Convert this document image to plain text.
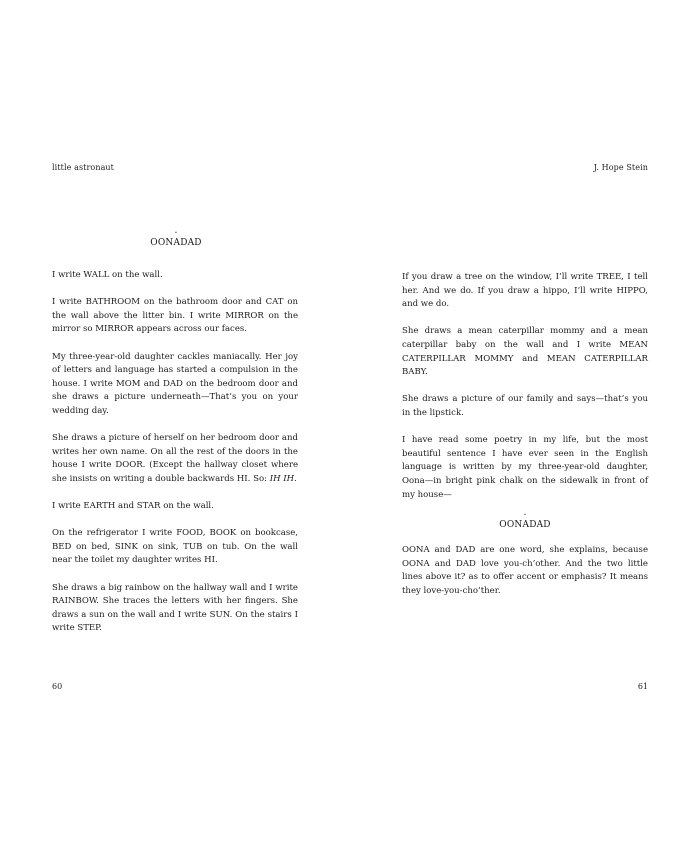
little astronaut	J. Hope Stein
˝
OONADAD

I write WALL on the wall.

I write BATHROOM on the bathroom door and CAT on the wall above the litter bin. I write MIRROR on the mirror so MIRROR appears across our faces.

My three-year-old daughter cackles maniacally. Her joy of letters and language has started a compulsion in the house. I write MOM and DAD on the bedroom door and she draws a picture underneath—That’s you on your wedding day.

She draws a picture of herself on her bedroom door and writes her own name. On all the rest of the doors in the house I write DOOR. (Except the hallway closet where she insists on writing a double backwards HI. So: IH IH.

I write EARTH and STAR on the wall.

On the refrigerator I write FOOD, BOOK on bookcase, BED on bed, SINK on sink, TUB on tub. On the wall near the toilet my daughter writes HI.

She draws a big rainbow on the hallway wall and I write RAINBOW. She traces the letters with her fingers. She draws a sun on the wall and I write SUN. On the stairs I write STEP.

If you draw a tree on the window, I’ll write TREE, I tell her. And we do. If you draw a hippo, I’ll write HIPPO, and we do.

She draws a mean caterpillar mommy and a mean caterpillar baby on the wall and I write MEAN CATERPILLAR MOMMY and MEAN CATERPILLAR BABY.

She draws a picture of our family and says—that’s you in the lipstick.

I have read some poetry in my life, but the most beautiful sentence I have ever seen in the English language is written by my three-year-old daughter, Oona—in bright pink chalk on the sidewalk in front of my house—

˝
OONADAD

OONA and DAD are one word, she explains, because OONA and DAD love you-ch’other. And the two little lines above it? as to offer accent or emphasis? It means they love-you-cho’ther.

60	61
